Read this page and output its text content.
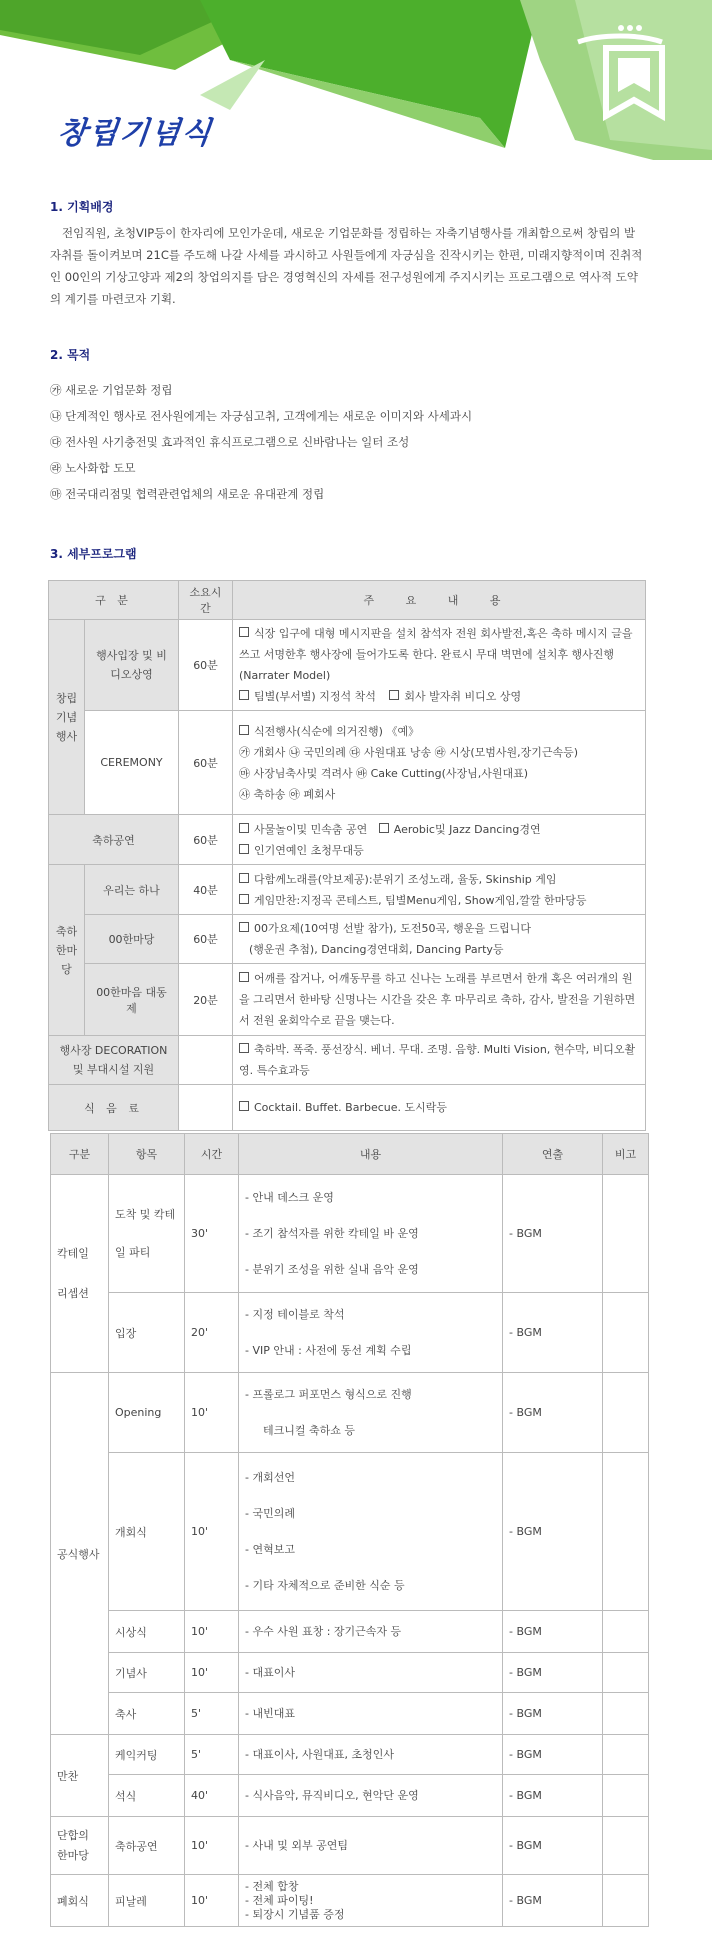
창립기념식
1. 기획배경

전임직원, 초청VIP등이 한자리에 모인가운데, 새로운 기업문화를 정립하는 자축기념행사를 개최함으로써 창립의 발자취를 돌이켜보며 21C를 주도해 나갈 사세를 과시하고 사원들에게 자긍심을 진작시키는 한편, 미래지향적이며 진취적인 00인의 기상고양과 제2의 창업의지를 담은 경영혁신의 자세를 전구성원에게 주지시키는 프로그램으로 역사적 도약의 계기를 마련코자 기획.

2. 목적
㉮ 새로운 기업문화 정립
㉯ 단계적인 행사로 전사원에게는 자긍심고취, 고객에게는 새로운 이미지와 사세과시
㉰ 전사원 사기충전및 효과적인 휴식프로그램으로 신바람나는 일터 조성
㉱ 노사화합 도모
㉲ 전국대리점및 협력관련업체의 새로운 유대관계 정립
3. 세부프로그램
구 분		소요시간	주 요 내 용
창립기념행사	행사입장 및 비디오상영	60분	식장 입구에 대형 메시지판을 설치 참석자 전원 회사발전,혹은 축하 메시지 글을 쓰고 서명한후 행사장에 들어가도록 한다. 완료시 무대 벽면에 설치후 행사진행(Narrater Model)
팀별(부서별) 지정석 착석 회사 발자취 비디오 상영

	CEREMONY	60분	식전행사(식순에 의거진행) 《예》
㉮ 개회사 ㉯ 국민의례 ㉰ 사원대표 낭송 ㉱ 시상(모범사원,장기근속등)
㉲ 사장님축사및 격려사 ㉳ Cake Cutting(사장님,사원대표)
㉴ 축하송 ㉵ 폐회사

축하공연		60분	사물놀이및 민속춤 공연 Aerobic및 Jazz Dancing경연
인기연예인 초청무대등

축하한마당	우리는 하나	40분	다함께노래를(악보제공):분위기 조성노래, 율동, Skinship 게임
게임만찬:지정곡 콘테스트, 팀별Menu게임, Show게임,깔깔 한마당등

	00한마당	60분	00가요제(10여명 선발 참가), 도전50곡, 행운을 드립니다
(행운권 추첨), Dancing경연대회, Dancing Party등

	00한마음 대동제	20분	어깨를 잡거나, 어깨동무를 하고 신나는 노래를 부르면서 한개 혹은 여러개의 원을 그리면서 한바탕 신명나는 시간을 갖은 후 마무리로 축하, 감사, 발전을 기원하면서 전원 윤회악수로 끝을 맺는다.

행사장 DECORATION 및 부대시설 지원			축하박. 폭죽. 풍선장식. 베너. 무대. 조명. 음향. Multi Vision, 현수막, 비디오촬영. 특수효과등

식 음 료			Cocktail. Buffet. Barbecue. 도시락등
구분	항목	시간	내용	연출	비고
칵테일 리셉션	도착 및 칵테일 파티	30'	- 안내 데스크 운영
- 조기 참석자를 위한 칵테일 바 운영
- 분위기 조성을 위한 실내 음악 운영	- BGM	
	입장	20'	- 지정 테이블로 착석
- VIP 안내 : 사전에 동선 계획 수립	- BGM	
공식행사	Opening	10'	- 프롤로그 퍼포먼스 형식으로 진행
테크니컬 축하쇼 등	- BGM	
	개회식	10'	- 개회선언
- 국민의례
- 연혁보고
- 기타 자체적으로 준비한 식순 등	- BGM	
	시상식	10'	- 우수 사원 표창 : 장기근속자 등	- BGM	
	기념사	10'	- 대표이사	- BGM	
	축사	5'	- 내빈대표	- BGM	
만찬	케익커팅	5'	- 대표이사, 사원대표, 초청인사	- BGM	
	석식	40'	- 식사음악, 뮤직비디오, 현악단 운영	- BGM	
단합의 한마당	축하공연	10'	- 사내 및 외부 공연팀	- BGM	
폐회식	피날레	10'	- 전체 합창
- 전체 파이팅!
- 퇴장시 기념품 증정	- BGM	
